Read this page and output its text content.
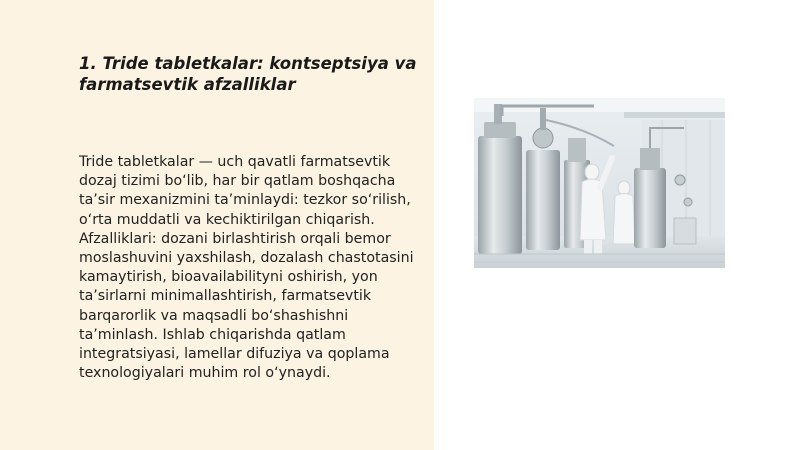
1. Tride tabletkalar: kontseptsiya va farmatsevtik afzalliklar

Tride tabletkalar — uch qavatli farmatsevtik dozaj tizimi bo‘lib, har bir qatlam boshqacha ta’sir mexanizmini ta’minlaydi: tezkor so‘rilish, o‘rta muddatli va kechiktirilgan chiqarish. Afzalliklari: dozani birlashtirish orqali bemor moslashuvini yaxshilash, dozalash chastotasini kamaytirish, bioavailabilityni oshirish, yon ta’sirlarni minimallashtirish, farmatsevtik barqarorlik va maqsadli bo‘shashishni ta’minlash. Ishlab chiqarishda qatlam integratsiyasi, lamellar difuziya va qoplama texnologiyalari muhim rol o‘ynaydi.
